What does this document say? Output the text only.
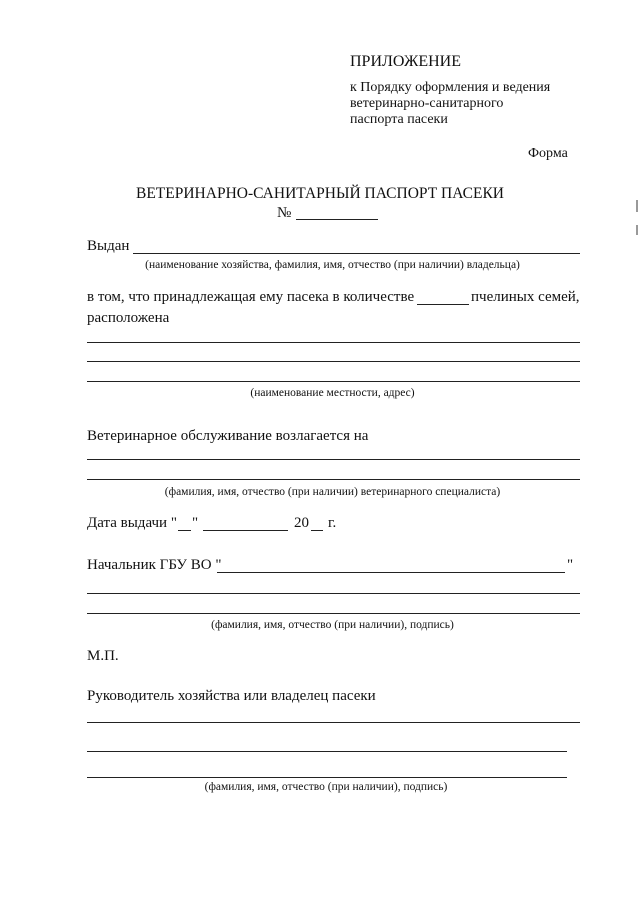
ПРИЛОЖЕНИЕ
к Порядку оформления и ведения
ветеринарно-санитарного
паспорта пасеки
Форма
ВЕТЕРИНАРНО-САНИТАРНЫЙ ПАСПОРТ ПАСЕКИ
№
Выдан
(наименование хозяйства, фамилия, имя, отчество (при наличии) владельца)
в том, что принадлежащая ему пасека в количестве	пчелиных семей,
расположена
(наименование местности, адрес)
Ветеринарное обслуживание возлагается на
(фамилия, имя, отчество (при наличии) ветеринарного специалиста)
Дата выдачи " "	20 г.
Начальник ГБУ ВО "	"
(фамилия, имя, отчество (при наличии), подпись)
М.П.
Руководитель хозяйства или владелец пасеки
(фамилия, имя, отчество (при наличии), подпись)
